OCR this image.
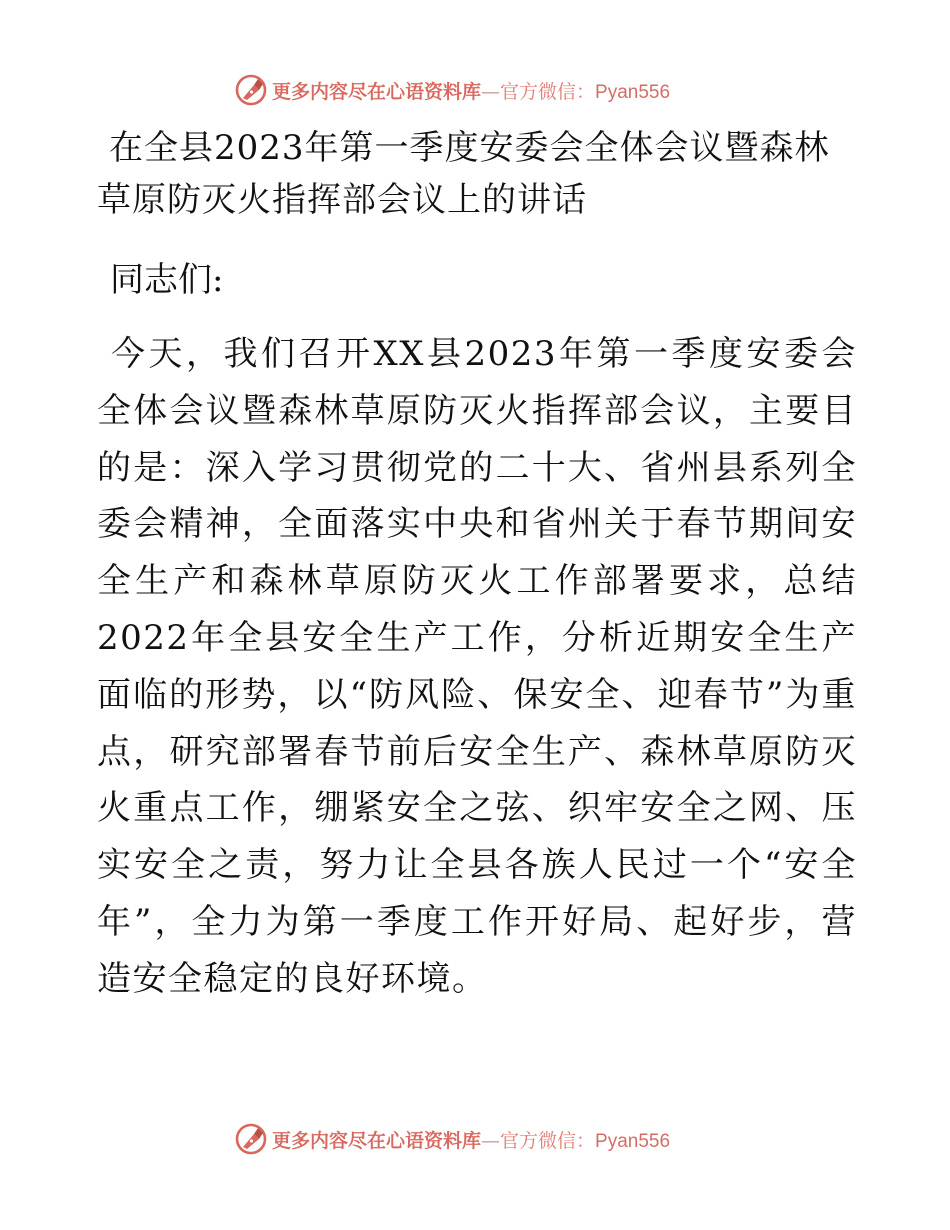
更多内容尽在心语资料库—官方微信：Pyan556
在全县2023年第一季度安委会全体会议暨森林草原防灭火指挥部会议上的讲话

同志们:

今天，我们召开XX县2023年第一季度安委会全体会议暨森林草原防灭火指挥部会议，主要目的是：深入学习贯彻党的二十大、省州县系列全委会精神，全面落实中央和省州关于春节期间安全生产和森林草原防灭火工作部署要求，总结2022年全县安全生产工作，分析近期安全生产面临的形势，以“防风险、保安全、迎春节”为重点，研究部署春节前后安全生产、森林草原防灭火重点工作，绷紧安全之弦、织牢安全之网、压实安全之责，努力让全县各族人民过一个“安全年”，全力为第一季度工作开好局、起好步，营造安全稳定的良好环境。

更多内容尽在心语资料库—官方微信：Pyan556
